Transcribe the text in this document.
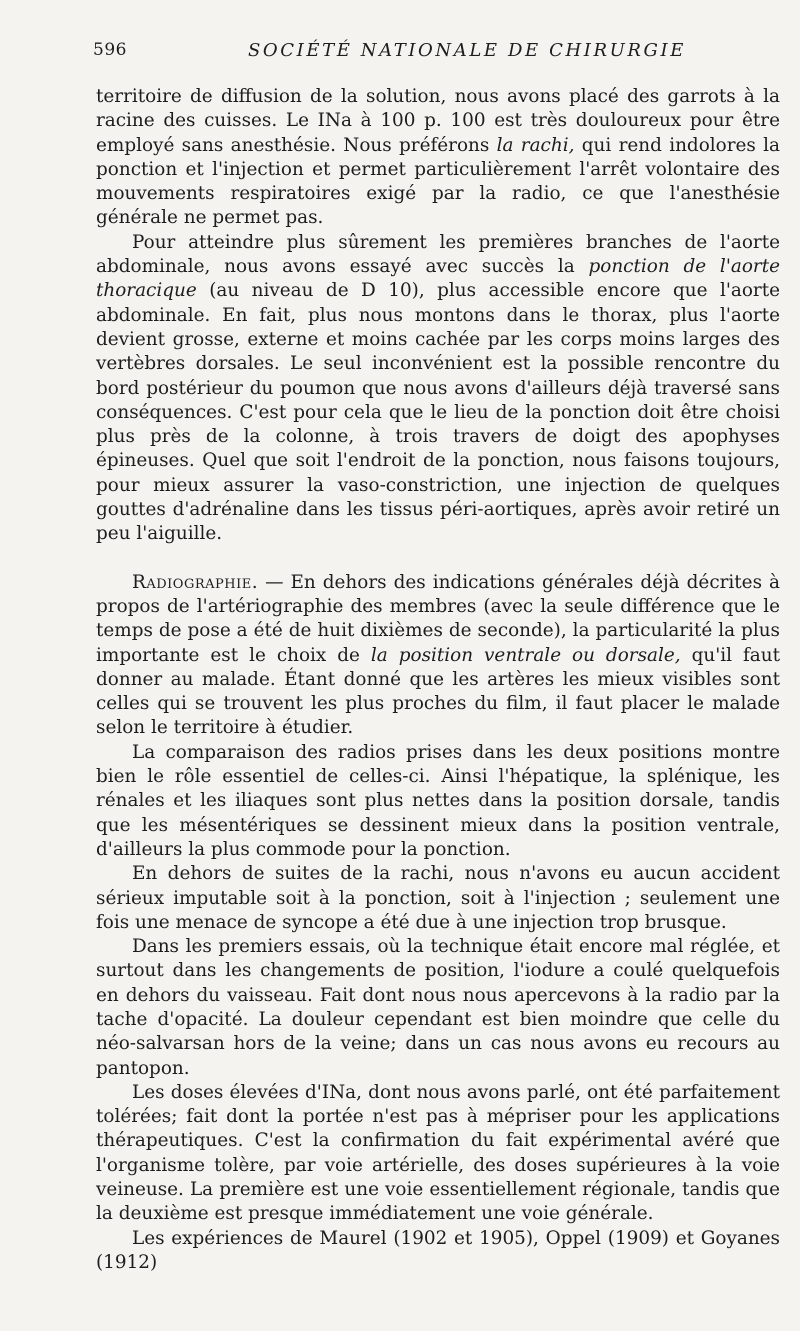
596	SOCIÉTÉ NATIONALE DE CHIRURGIE

territoire de diffusion de la solution, nous avons placé des garrots à la racine des cuisses. Le INa à 100 p. 100 est très douloureux pour être employé sans anesthésie. Nous préférons la rachi, qui rend indolores la ponction et l'injection et permet particulièrement l'arrêt volontaire des mouvements respiratoires exigé par la radio, ce que l'anesthésie générale ne permet pas.

Pour atteindre plus sûrement les premières branches de l'aorte abdominale, nous avons essayé avec succès la ponction de l'aorte thoracique (au niveau de D 10), plus accessible encore que l'aorte abdominale. En fait, plus nous montons dans le thorax, plus l'aorte devient grosse, externe et moins cachée par les corps moins larges des vertèbres dorsales. Le seul inconvénient est la possible rencontre du bord postérieur du poumon que nous avons d'ailleurs déjà traversé sans conséquences. C'est pour cela que le lieu de la ponction doit être choisi plus près de la colonne, à trois travers de doigt des apophyses épineuses. Quel que soit l'endroit de la ponction, nous faisons toujours, pour mieux assurer la vaso-constriction, une injection de quelques gouttes d'adrénaline dans les tissus péri-aortiques, après avoir retiré un peu l'aiguille.

Radiographie. — En dehors des indications générales déjà décrites à propos de l'artériographie des membres (avec la seule différence que le temps de pose a été de huit dixièmes de seconde), la particularité la plus importante est le choix de la position ventrale ou dorsale, qu'il faut donner au malade. Étant donné que les artères les mieux visibles sont celles qui se trouvent les plus proches du film, il faut placer le malade selon le territoire à étudier.

La comparaison des radios prises dans les deux positions montre bien le rôle essentiel de celles-ci. Ainsi l'hépatique, la splénique, les rénales et les iliaques sont plus nettes dans la position dorsale, tandis que les mésentériques se dessinent mieux dans la position ventrale, d'ailleurs la plus commode pour la ponction.

En dehors de suites de la rachi, nous n'avons eu aucun accident sérieux imputable soit à la ponction, soit à l'injection ; seulement une fois une menace de syncope a été due à une injection trop brusque.

Dans les premiers essais, où la technique était encore mal réglée, et surtout dans les changements de position, l'iodure a coulé quelquefois en dehors du vaisseau. Fait dont nous nous apercevons à la radio par la tache d'opacité. La douleur cependant est bien moindre que celle du néo-salvarsan hors de la veine; dans un cas nous avons eu recours au pantopon.

Les doses élevées d'INa, dont nous avons parlé, ont été parfaitement tolérées; fait dont la portée n'est pas à mépriser pour les applications thérapeutiques. C'est la confirmation du fait expérimental avéré que l'organisme tolère, par voie artérielle, des doses supérieures à la voie veineuse. La première est une voie essentiellement régionale, tandis que la deuxième est presque immédiatement une voie générale.

Les expériences de Maurel (1902 et 1905), Oppel (1909) et Goyanes (1912)
